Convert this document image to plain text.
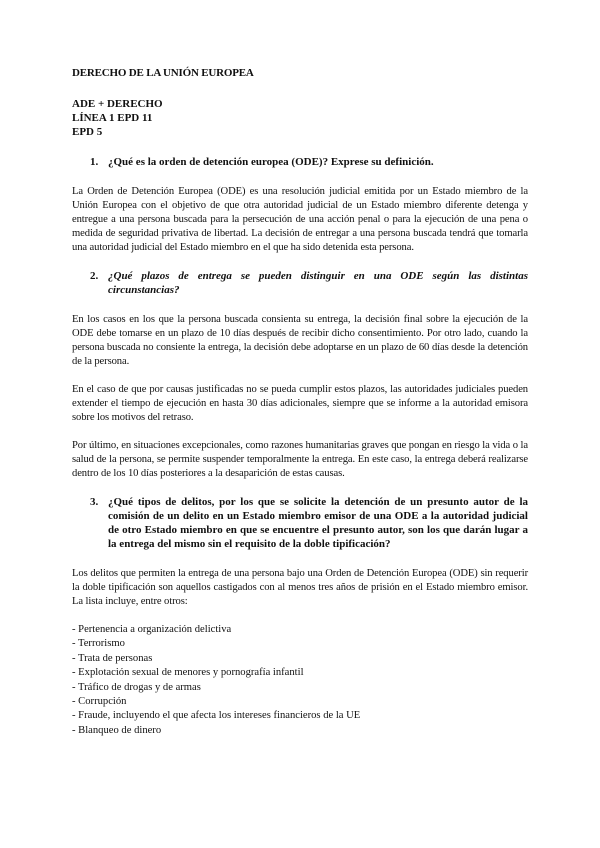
DERECHO DE LA UNIÓN EUROPEA

ADE + DERECHO

LÍNEA 1 EPD 11

EPD 5

1. ¿Qué es la orden de detención europea (ODE)? Exprese su definición.

La Orden de Detención Europea (ODE) es una resolución judicial emitida por un Estado miembro de la Unión Europea con el objetivo de que otra autoridad judicial de un Estado miembro diferente detenga y entregue a una persona buscada para la persecución de una acción penal o para la ejecución de una pena o medida de seguridad privativa de libertad. La decisión de entregar a una persona buscada tendrá que tomarla una autoridad judicial del Estado miembro en el que ha sido detenida esta persona.

2. ¿Qué plazos de entrega se pueden distinguir en una ODE según las distintas circunstancias?

En los casos en los que la persona buscada consienta su entrega, la decisión final sobre la ejecución de la ODE debe tomarse en un plazo de 10 días después de recibir dicho consentimiento. Por otro lado, cuando la persona buscada no consiente la entrega, la decisión debe adoptarse en un plazo de 60 días desde la detención de la persona.

En el caso de que por causas justificadas no se pueda cumplir estos plazos, las autoridades judiciales pueden extender el tiempo de ejecución en hasta 30 días adicionales, siempre que se informe a la autoridad emisora sobre los motivos del retraso.

Por último, en situaciones excepcionales, como razones humanitarias graves que pongan en riesgo la vida o la salud de la persona, se permite suspender temporalmente la entrega. En este caso, la entrega deberá realizarse dentro de los 10 días posteriores a la desaparición de estas causas.

3. ¿Qué tipos de delitos, por los que se solicite la detención de un presunto autor de la comisión de un delito en un Estado miembro emisor de una ODE a la autoridad judicial de otro Estado miembro en que se encuentre el presunto autor, son los que darán lugar a la entrega del mismo sin el requisito de la doble tipificación?

Los delitos que permiten la entrega de una persona bajo una Orden de Detención Europea (ODE) sin requerir la doble tipificación son aquellos castigados con al menos tres años de prisión en el Estado miembro emisor. La lista incluye, entre otros:

- Pertenencia a organización delictiva
- Terrorismo
- Trata de personas
- Explotación sexual de menores y pornografía infantil
- Tráfico de drogas y de armas
- Corrupción
- Fraude, incluyendo el que afecta los intereses financieros de la UE
- Blanqueo de dinero
